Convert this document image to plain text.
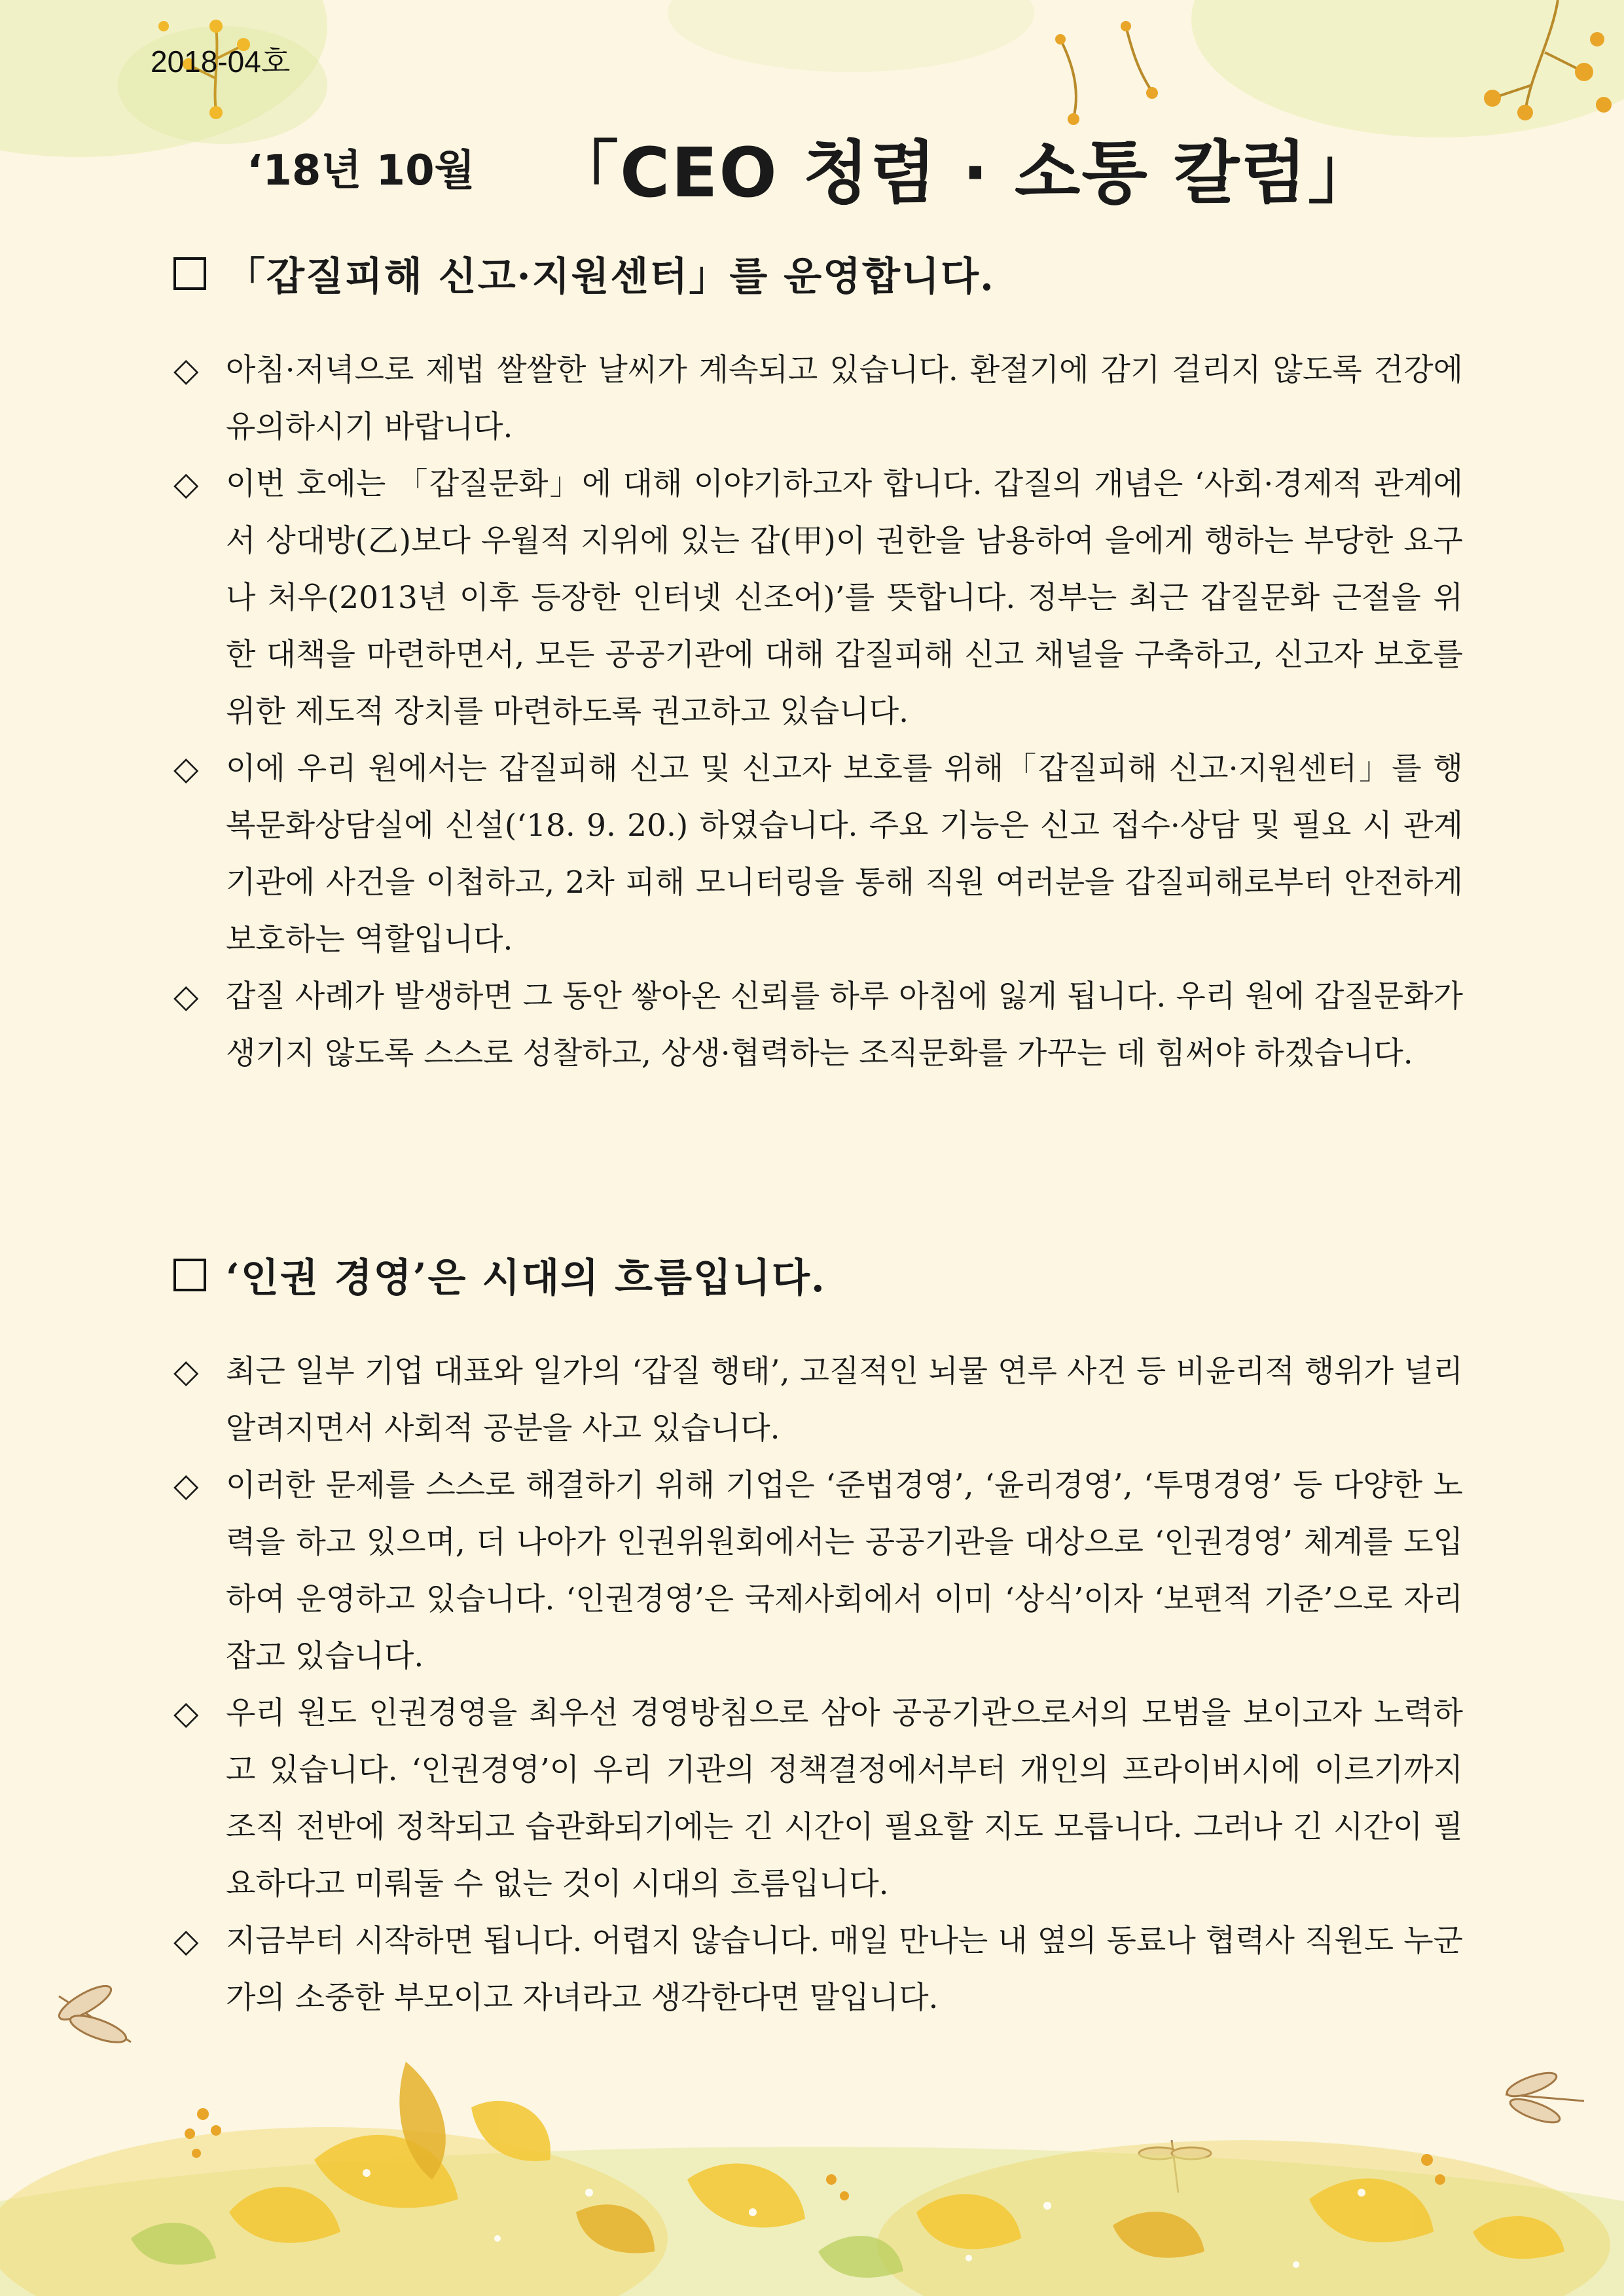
2018-04호
‘18년 10월 「CEO 청렴 · 소통 칼럼」
「갑질피해 신고·지원센터」를 운영합니다.
◇ 아침·저녁으로 제법 쌀쌀한 날씨가 계속되고 있습니다. 환절기에 감기 걸리지 않도록 건강에 유의하시기 바랍니다.
◇ 이번 호에는 「갑질문화」에 대해 이야기하고자 합니다. 갑질의 개념은 ‘사회·경제적 관계에서 상대방(乙)보다 우월적 지위에 있는 갑(甲)이 권한을 남용하여 을에게 행하는 부당한 요구나 처우(2013년 이후 등장한 인터넷 신조어)’를 뜻합니다. 정부는 최근 갑질문화 근절을 위한 대책을 마련하면서, 모든 공공기관에 대해 갑질피해 신고 채널을 구축하고, 신고자 보호를 위한 제도적 장치를 마련하도록 권고하고 있습니다.
◇ 이에 우리 원에서는 갑질피해 신고 및 신고자 보호를 위해「갑질피해 신고·지원센터」를 행복문화상담실에 신설(‘18. 9. 20.) 하였습니다. 주요 기능은 신고 접수·상담 및 필요 시 관계기관에 사건을 이첩하고, 2차 피해 모니터링을 통해 직원 여러분을 갑질피해로부터 안전하게 보호하는 역할입니다.
◇ 갑질 사례가 발생하면 그 동안 쌓아온 신뢰를 하루 아침에 잃게 됩니다. 우리 원에 갑질문화가 생기지 않도록 스스로 성찰하고, 상생·협력하는 조직문화를 가꾸는 데 힘써야 하겠습니다.
‘인권 경영’은 시대의 흐름입니다.
◇ 최근 일부 기업 대표와 일가의 ‘갑질 행태’, 고질적인 뇌물 연루 사건 등 비윤리적 행위가 널리 알려지면서 사회적 공분을 사고 있습니다.
◇ 이러한 문제를 스스로 해결하기 위해 기업은 ‘준법경영’, ‘윤리경영’, ‘투명경영’ 등 다양한 노력을 하고 있으며, 더 나아가 인권위원회에서는 공공기관을 대상으로 ‘인권경영’ 체계를 도입하여 운영하고 있습니다. ‘인권경영’은 국제사회에서 이미 ‘상식’이자 ‘보편적 기준’으로 자리잡고 있습니다.
◇ 우리 원도 인권경영을 최우선 경영방침으로 삼아 공공기관으로서의 모범을 보이고자 노력하고 있습니다. ‘인권경영’이 우리 기관의 정책결정에서부터 개인의 프라이버시에 이르기까지 조직 전반에 정착되고 습관화되기에는 긴 시간이 필요할 지도 모릅니다. 그러나 긴 시간이 필요하다고 미뤄둘 수 없는 것이 시대의 흐름입니다.
◇ 지금부터 시작하면 됩니다. 어렵지 않습니다. 매일 만나는 내 옆의 동료나 협력사 직원도 누군가의 소중한 부모이고 자녀라고 생각한다면 말입니다.
